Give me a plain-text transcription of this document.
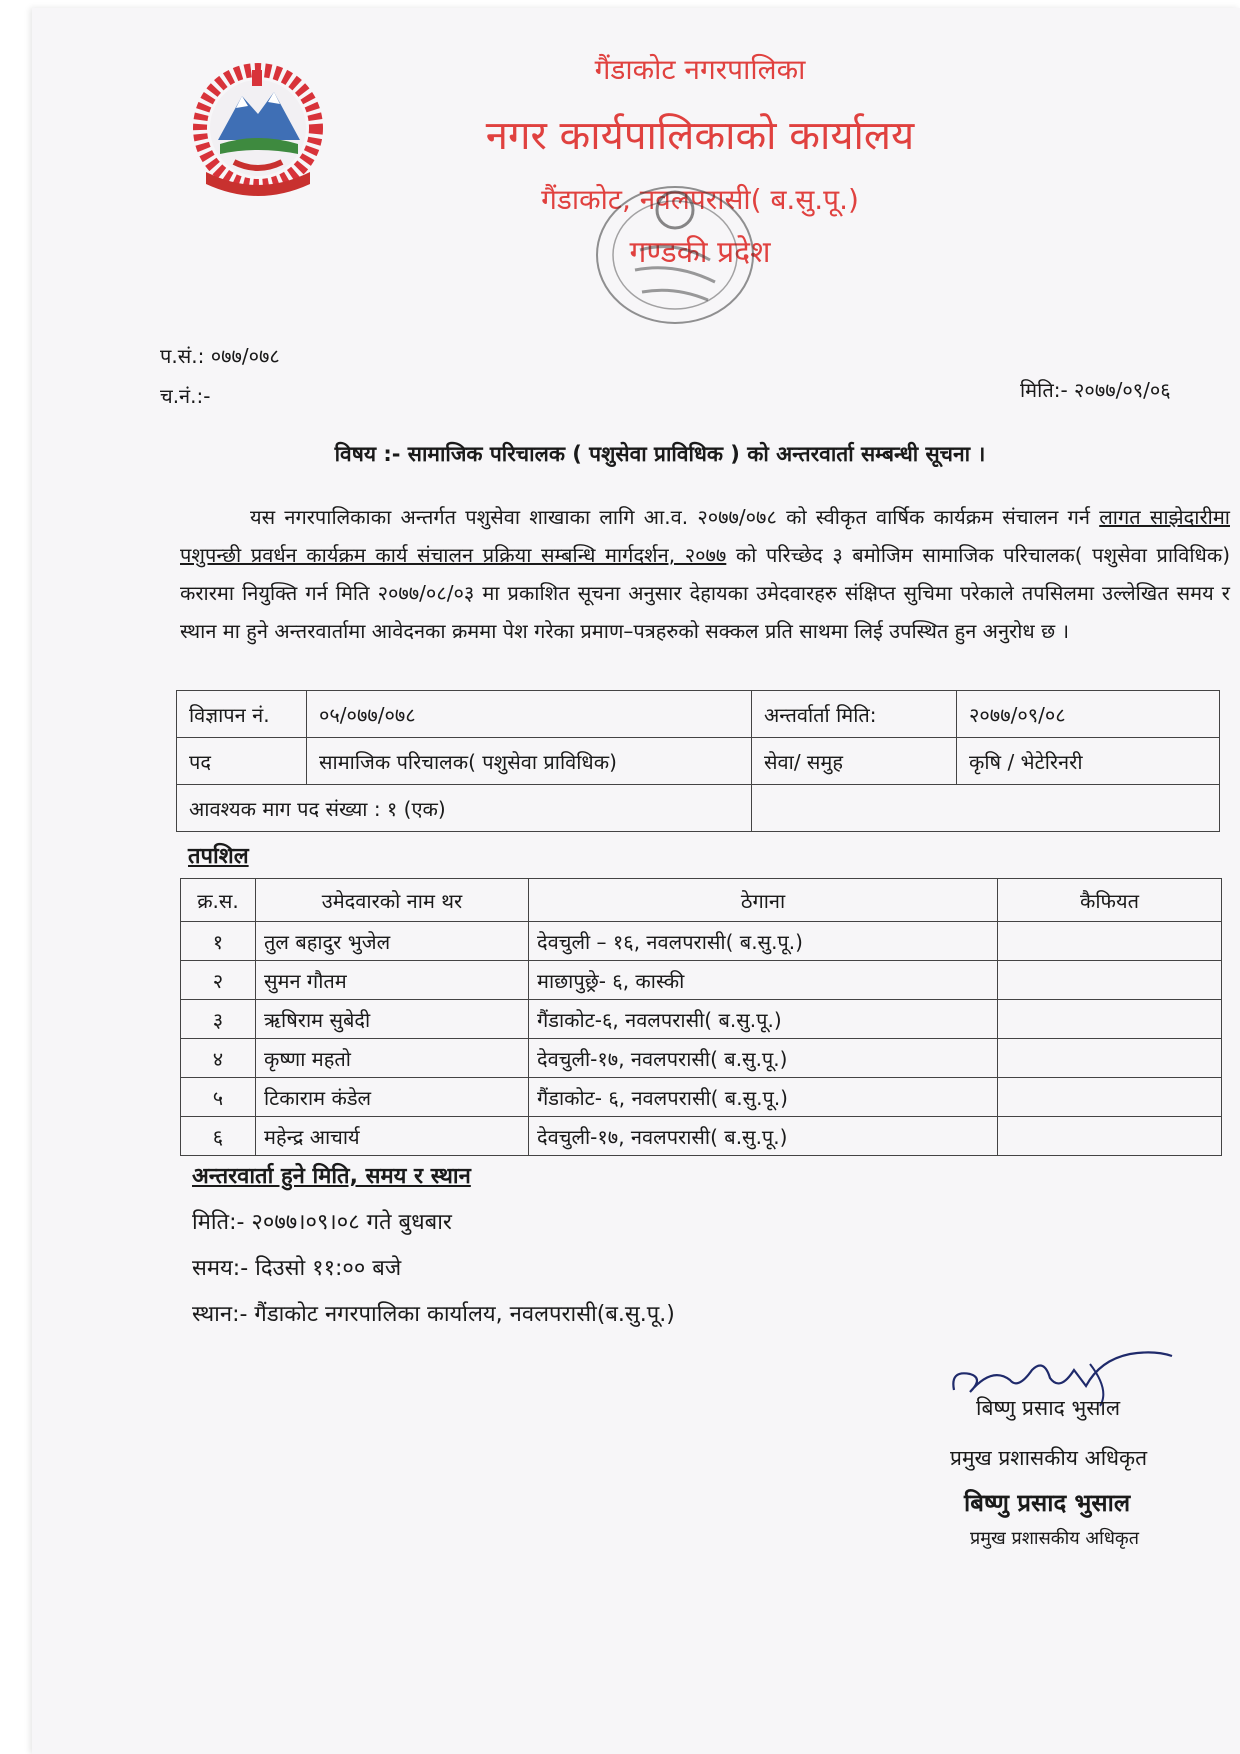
गैंडाकोट नगरपालिका
नगर कार्यपालिकाको कार्यालय
गैंडाकोट, नवलपरासी( ब.सु.पू.)
गण्डकी प्रदेश
प.सं.: ०७७/०७८
च.नं.:-	मिति:- २०७७/०९/०६
विषय :- सामाजिक परिचालक ( पशुसेवा प्राविधिक ) को अन्तरवार्ता सम्बन्धी सूचना ।

यस नगरपालिकाका अन्तर्गत पशुसेवा शाखाका लागि आ.व. २०७७/०७८ को स्वीकृत वार्षिक कार्यक्रम संचालन गर्न लागत साझेदारीमा पशुपन्छी प्रवर्धन कार्यक्रम कार्य संचालन प्रक्रिया सम्बन्धि मार्गदर्शन, २०७७ को परिच्छेद ३ बमोजिम सामाजिक परिचालक( पशुसेवा प्राविधिक) करारमा नियुक्ति गर्न मिति २०७७/०८/०३ मा प्रकाशित सूचना अनुसार देहायका उमेदवारहरु संक्षिप्त सुचिमा परेकाले तपसिलमा उल्लेखित समय र स्थान मा हुने अन्तरवार्तामा आवेदनका क्रममा पेश गरेका प्रमाण–पत्रहरुको सक्कल प्रति साथमा लिई उपस्थित हुन अनुरोध छ ।

विज्ञापन नं.	०५/०७७/०७८	अन्तर्वार्ता मिति:	२०७७/०९/०८
पद	सामाजिक परिचालक( पशुसेवा प्राविधिक)	सेवा/ समुह	कृषि / भेटेरिनरी
आवश्यक माग पद संख्या : १ (एक)			
तपशिल
क्र.स.	उमेदवारको नाम थर	ठेगाना	कैफियत
१	तुल बहादुर भुजेल	देवचुली – १६, नवलपरासी( ब.सु.पू.)	
२	सुमन गौतम	माछापुछ्रे- ६, कास्की	
३	ऋषिराम सुबेदी	गैंडाकोट-६, नवलपरासी( ब.सु.पू.)	
४	कृष्णा महतो	देवचुली-१७, नवलपरासी( ब.सु.पू.)	
५	टिकाराम कंडेल	गैंडाकोट- ६, नवलपरासी( ब.सु.पू.)	
६	महेन्द्र आचार्य	देवचुली-१७, नवलपरासी( ब.सु.पू.)	
अन्तरवार्ता हुने मिति, समय र स्थान
मिति:- २०७७।०९।०८ गते बुधबार
समय:- दिउसो ११:०० बजे
स्थान:- गैंडाकोट नगरपालिका कार्यालय, नवलपरासी(ब.सु.पू.)
बिष्णु प्रसाद भुसाल
प्रमुख प्रशासकीय अधिकृत
बिष्णु प्रसाद भुसाल
प्रमुख प्रशासकीय अधिकृत
